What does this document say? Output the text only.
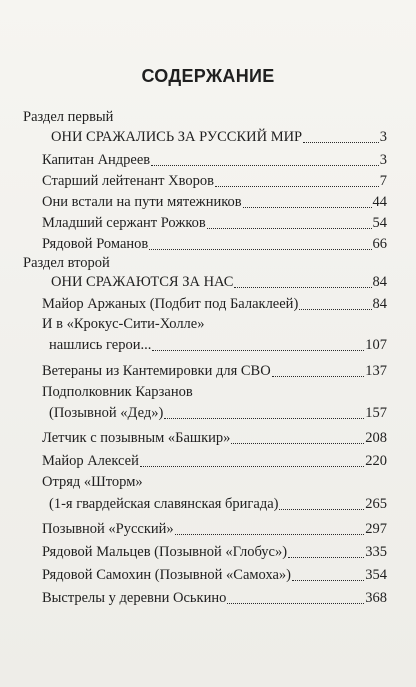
СОДЕРЖАНИЕ
Раздел первый
ОНИ СРАЖАЛИСЬ ЗА РУССКИЙ МИР	3
Капитан Андреев	3
Старший лейтенант Хворов	7
Они встали на пути мятежников	44
Младший сержант Рожков	54
Рядовой Романов	66
Раздел второй
ОНИ СРАЖАЮТСЯ ЗА НАС	84
Майор Аржаных (Подбит под Балаклеей)	84
И в «Крокус-Сити-Холле»
нашлись герои...	107
Ветераны из Кантемировки для СВО	137
Подполковник Карзанов
(Позывной «Дед»)	157
Летчик с позывным «Башкир»	208
Майор Алексей	220
Отряд «Шторм»
(1-я гвардейская славянская бригада)	265
Позывной «Русский»	297
Рядовой Мальцев (Позывной «Глобус»)	335
Рядовой Самохин (Позывной «Самоха»)	354
Выстрелы у деревни Оськино	368
